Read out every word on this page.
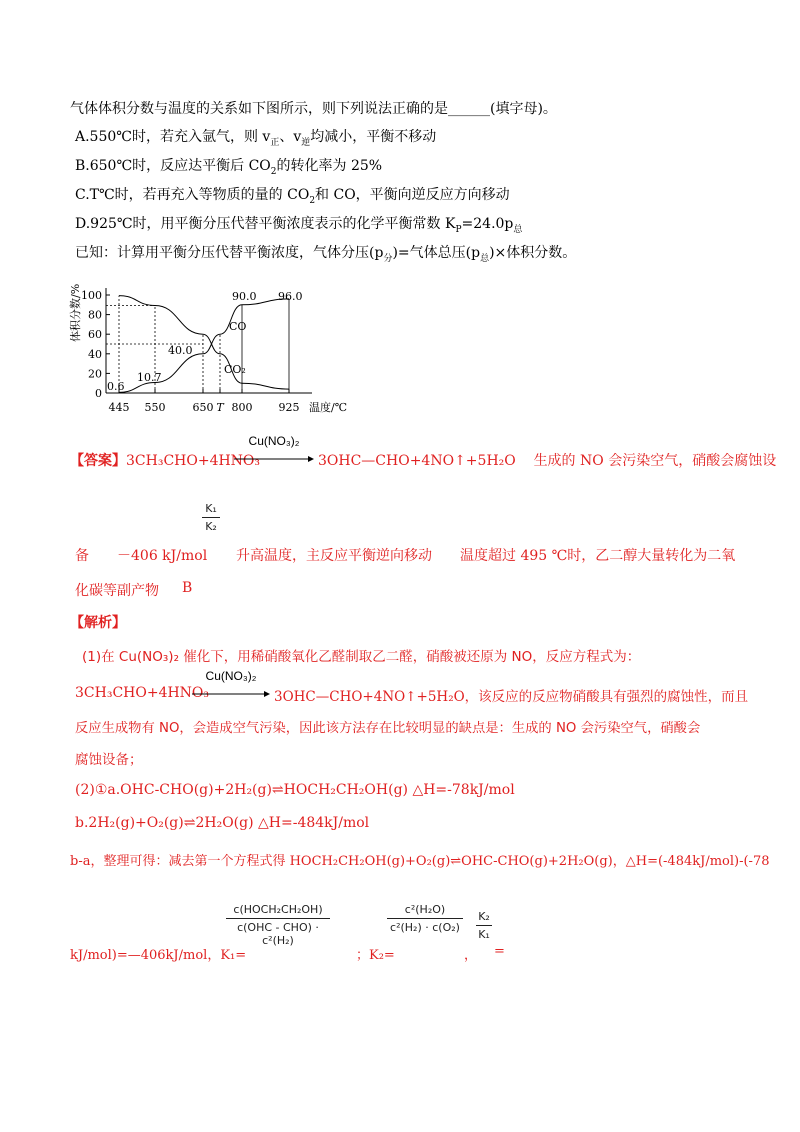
气体体积分数与温度的关系如下图所示，则下列说法正确的是______(填字母)。
A.550℃时，若充入氩气，则 $v_正$、$v_逆$均减小，平衡不移动
B.650℃时，反应达平衡后 $CO_2$的转化率为 25%
C.T℃时，若再充入等物质的量的 $CO_2$和 CO，平衡向逆反应方向移动
D.925℃时，用平衡分压代替平衡浓度表示的化学平衡常数 $K_P=24.0p_总$
已知：计算用平衡分压代替平衡浓度，气体分压$(p_分)=$气体总压$(p_总)\times$体积分数。
100
80
60
40
20
0
445 550 650 T 800 925
0.6
10.7
40.0
90.0 96.0
体积分数/%
温度/℃
CO
CO₂
【答案】3CH₃CHO+4HNO₃
Cu(NO₃)₂
3OHC—CHO+4NO↑+5H₂O 生成的 NO 会污染空气，硝酸会腐蚀设
K₁
K₂
备 －406 kJ/mol 升高温度，主反应平衡逆向移动 温度超过 495 ℃时，乙二醇大量转化为二氧
化碳等副产物 B
【解析】
(1)在 Cu(NO₃)₂ 催化下，用稀硝酸氧化乙醛制取乙二醛，硝酸被还原为 NO，反应方程式为：
3CH₃CHO+4HNO₃
Cu(NO₃)₂
3OHC—CHO+4NO↑+5H₂O，该反应的反应物硝酸具有强烈的腐蚀性，而且
反应生成物有 NO，会造成空气污染，因此该方法存在比较明显的缺点是：生成的 NO 会污染空气，硝酸会
腐蚀设备；
(2)①a.OHC-CHO(g)+2H₂(g)⇌HOCH₂CH₂OH(g) △H=-78kJ/mol
b.2H₂(g)+O₂(g)⇌2H₂O(g) △H=-484kJ/mol
b-a，整理可得：减去第一个方程式得 HOCH₂CH₂OH(g)+O₂(g)⇌OHC-CHO(g)+2H₂O(g)，△H=(-484kJ/mol)-(-78
kJ/mol)=—406kJ/mol，K₁=
c(HOCH₂CH₂OH)
c(OHC - CHO) · c²(H₂)
；K₂=
c²(H₂O)
c²(H₂) · c(O₂)
，
K₂
K₁
=
